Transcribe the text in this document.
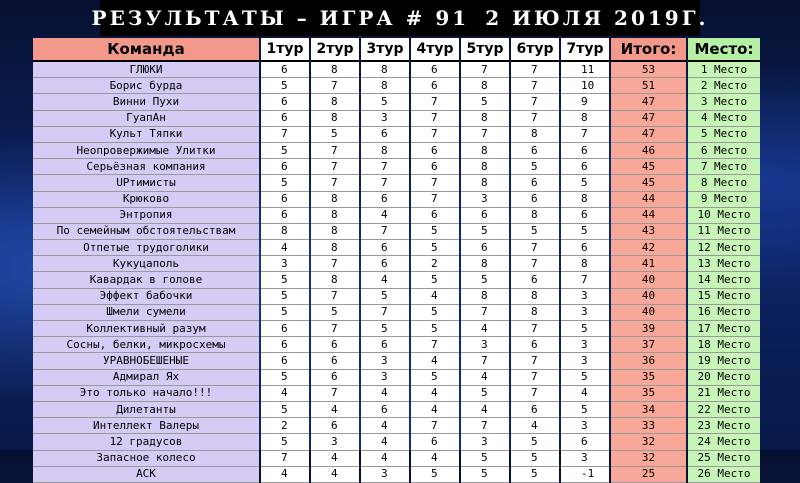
РЕЗУЛЬТАТЫ – ИГРА # 91 2 ИЮЛЯ 2019Г.
Команда	1тур	2тур	3тур	4тур	5тур	6тур	7тур	Итого:	Место:
ГЛЮКИ	6	8	8	6	7	7	11	53	1 Место
Борис бурда	5	7	8	6	8	7	10	51	2 Место
Винни Пухи	6	8	5	7	5	7	9	47	3 Место
ГуапАн	6	8	3	7	8	7	8	47	4 Место
Культ Тяпки	7	5	6	7	7	8	7	47	5 Место
Неопровержимые Улитки	5	7	8	6	8	6	6	46	6 Место
Серьёзная компания	6	7	7	6	8	5	6	45	7 Место
UPтимисты	5	7	7	7	8	6	5	45	8 Место
Крюково	6	8	6	7	3	6	8	44	9 Место
Энтропия	6	8	4	6	6	8	6	44	10 Место
По семейным обстоятельствам	8	8	7	5	5	5	5	43	11 Место
Отпетые трудоголики	4	8	6	5	6	7	6	42	12 Место
Кукуцаполь	3	7	6	2	8	7	8	41	13 Место
Кавардак в голове	5	8	4	5	5	6	7	40	14 Место
Эффект бабочки	5	7	5	4	8	8	3	40	15 Место
Шмели сумели	5	5	7	5	7	8	3	40	16 Место
Коллективный разум	6	7	5	5	4	7	5	39	17 Место
Сосны, белки, микросхемы	6	6	6	7	3	6	3	37	18 Место
УРАВНОБЕШЕНЫЕ	6	6	3	4	7	7	3	36	19 Место
Адмирал Ях	5	6	3	5	4	7	5	35	20 Место
Это только начало!!!	4	7	4	4	5	7	4	35	21 Место
Дилетанты	5	4	6	4	4	6	5	34	22 Место
Интеллект Валеры	2	6	4	7	7	4	3	33	23 Место
12 градусов	5	3	4	6	3	5	6	32	24 Место
Запасное колесо	7	4	4	4	5	5	3	32	25 Место
АСК	4	4	3	5	5	5	-1	25	26 Место
